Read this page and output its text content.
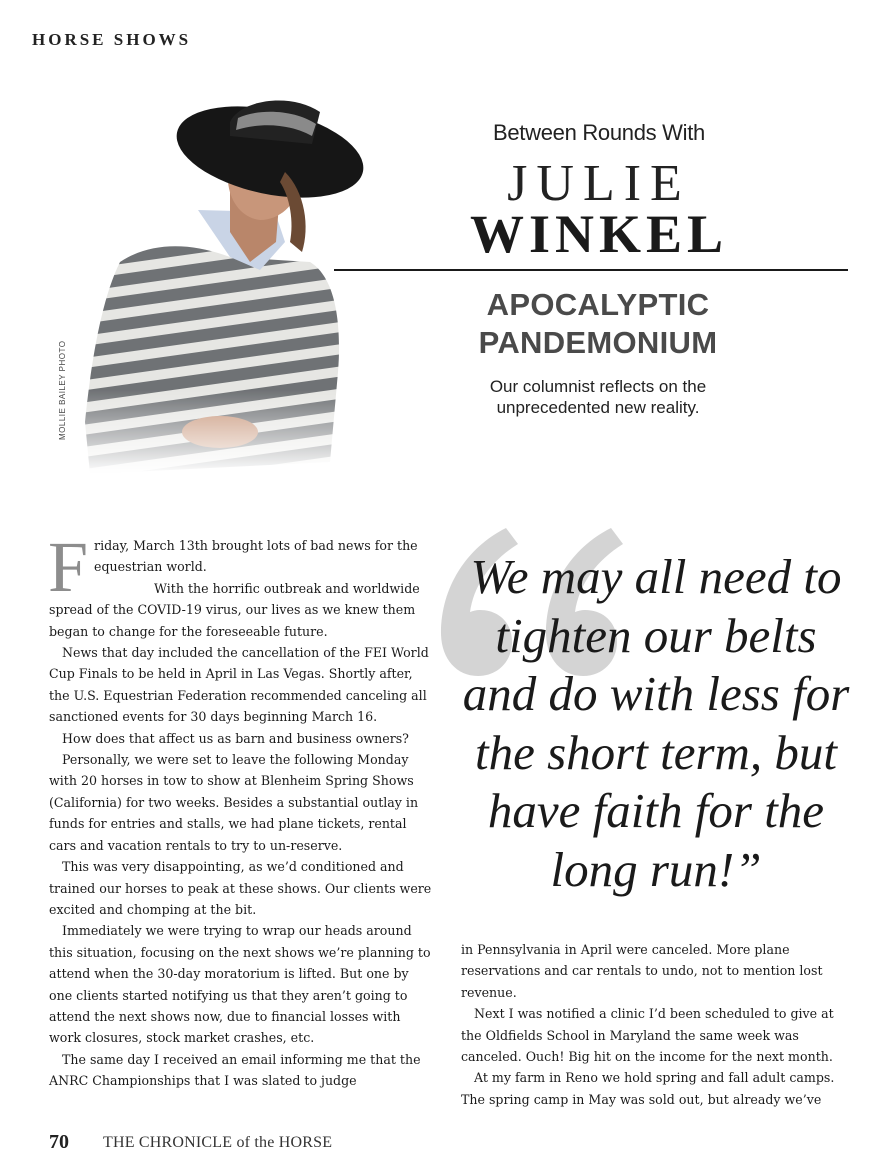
HORSE SHOWS
MOLLIE BAILEY PHOTO
Between Rounds With
JULIE
WINKEL
APOCALYPTIC PANDEMONIUM
Our columnist reflects on the unprecedented new reality.

Friday, March 13th brought lots of bad news for the equestrian world.

With the horrific outbreak and worldwide spread of the COVID-19 virus, our lives as we knew them began to change for the foreseeable future.

News that day included the cancellation of the FEI World Cup Finals to be held in April in Las Vegas. Shortly after, the U.S. Equestrian Federation recommended canceling all sanctioned events for 30 days beginning March 16.

How does that affect us as barn and business owners?

Personally, we were set to leave the following Monday with 20 horses in tow to show at Blenheim Spring Shows (California) for two weeks. Besides a substantial outlay in funds for entries and stalls, we had plane tickets, rental cars and vacation rentals to try to un-reserve.

This was very disappointing, as we’d conditioned and trained our horses to peak at these shows. Our clients were excited and chomping at the bit.

Immediately we were trying to wrap our heads around this situation, focusing on the next shows we’re planning to attend when the 30-day moratorium is lifted. But one by one clients started notifying us that they aren’t going to attend the next shows now, due to financial losses with work closures, stock market crashes, etc.

The same day I received an email informing me that the ANRC Championships that I was slated to judge

We may all need to tighten our belts and do with less for the short term, but have faith for the long run!”

in Pennsylvania in April were canceled. More plane reservations and car rentals to undo, not to mention lost revenue.

Next I was notified a clinic I’d been scheduled to give at the Oldfields School in Maryland the same week was canceled. Ouch! Big hit on the income for the next month.

At my farm in Reno we hold spring and fall adult camps. The spring camp in May was sold out, but already we’ve

70 THE CHRONICLE of the HORSE
